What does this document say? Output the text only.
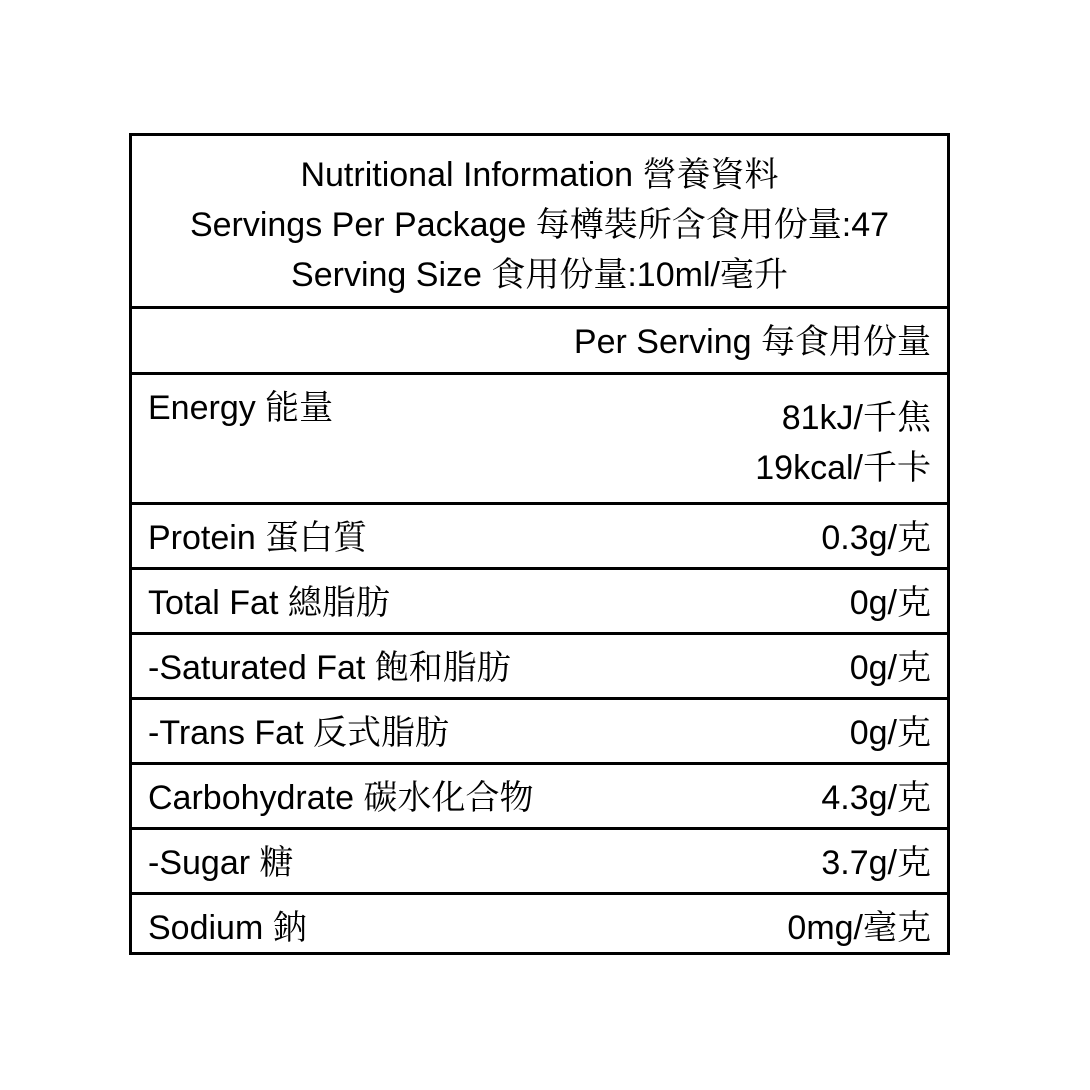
Nutritional Information 營養資料
Servings Per Package 每樽裝所含食用份量:47
Serving Size 食用份量:10ml/毫升
Per Serving 每食用份量
Energy 能量	81kJ/千焦
19kcal/千卡
Protein 蛋白質	0.3g/克
Total Fat 總脂肪	0g/克
-Saturated Fat 飽和脂肪	0g/克
-Trans Fat 反式脂肪	0g/克
Carbohydrate 碳水化合物	4.3g/克
-Sugar 糖	3.7g/克
Sodium 鈉	0mg/毫克
